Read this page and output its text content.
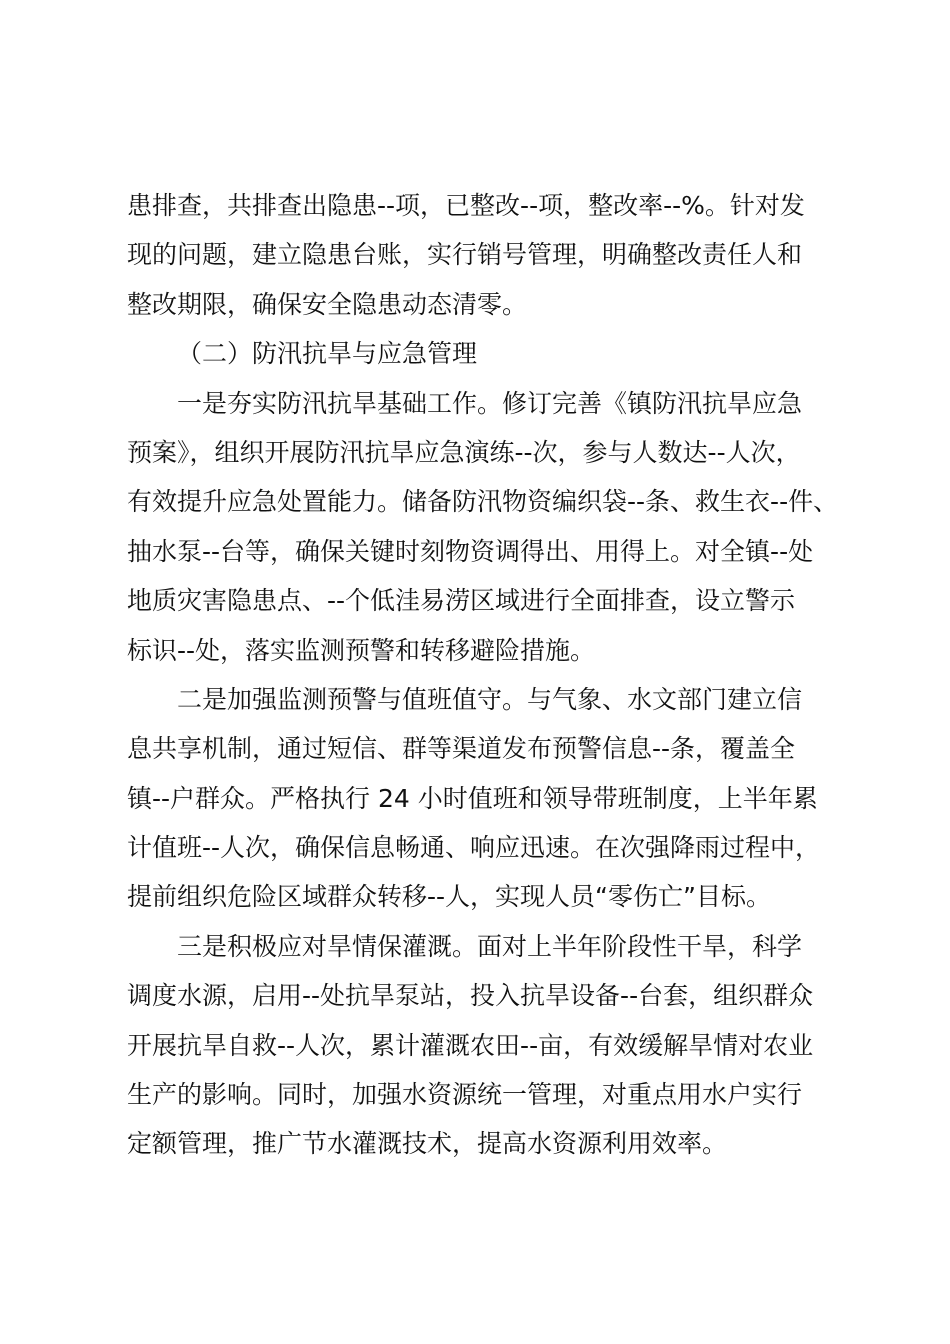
患排查，共排查出隐患--项，已整改--项，整改率--%。针对发
现的问题，建立隐患台账，实行销号管理，明确整改责任人和
整改期限，确保安全隐患动态清零。
（二）防汛抗旱与应急管理
一是夯实防汛抗旱基础工作。修订完善《镇防汛抗旱应急
预案》，组织开展防汛抗旱应急演练--次，参与人数达--人次，
有效提升应急处置能力。储备防汛物资编织袋--条、救生衣--件、
抽水泵--台等，确保关键时刻物资调得出、用得上。对全镇--处
地质灾害隐患点、--个低洼易涝区域进行全面排查，设立警示
标识--处，落实监测预警和转移避险措施。
二是加强监测预警与值班值守。与气象、水文部门建立信
息共享机制，通过短信、群等渠道发布预警信息--条，覆盖全
镇--户群众。严格执行 24 小时值班和领导带班制度，上半年累
计值班--人次，确保信息畅通、响应迅速。在次强降雨过程中，
提前组织危险区域群众转移--人，实现人员“零伤亡”目标。
三是积极应对旱情保灌溉。面对上半年阶段性干旱，科学
调度水源，启用--处抗旱泵站，投入抗旱设备--台套，组织群众
开展抗旱自救--人次，累计灌溉农田--亩，有效缓解旱情对农业
生产的影响。同时，加强水资源统一管理，对重点用水户实行
定额管理，推广节水灌溉技术，提高水资源利用效率。
